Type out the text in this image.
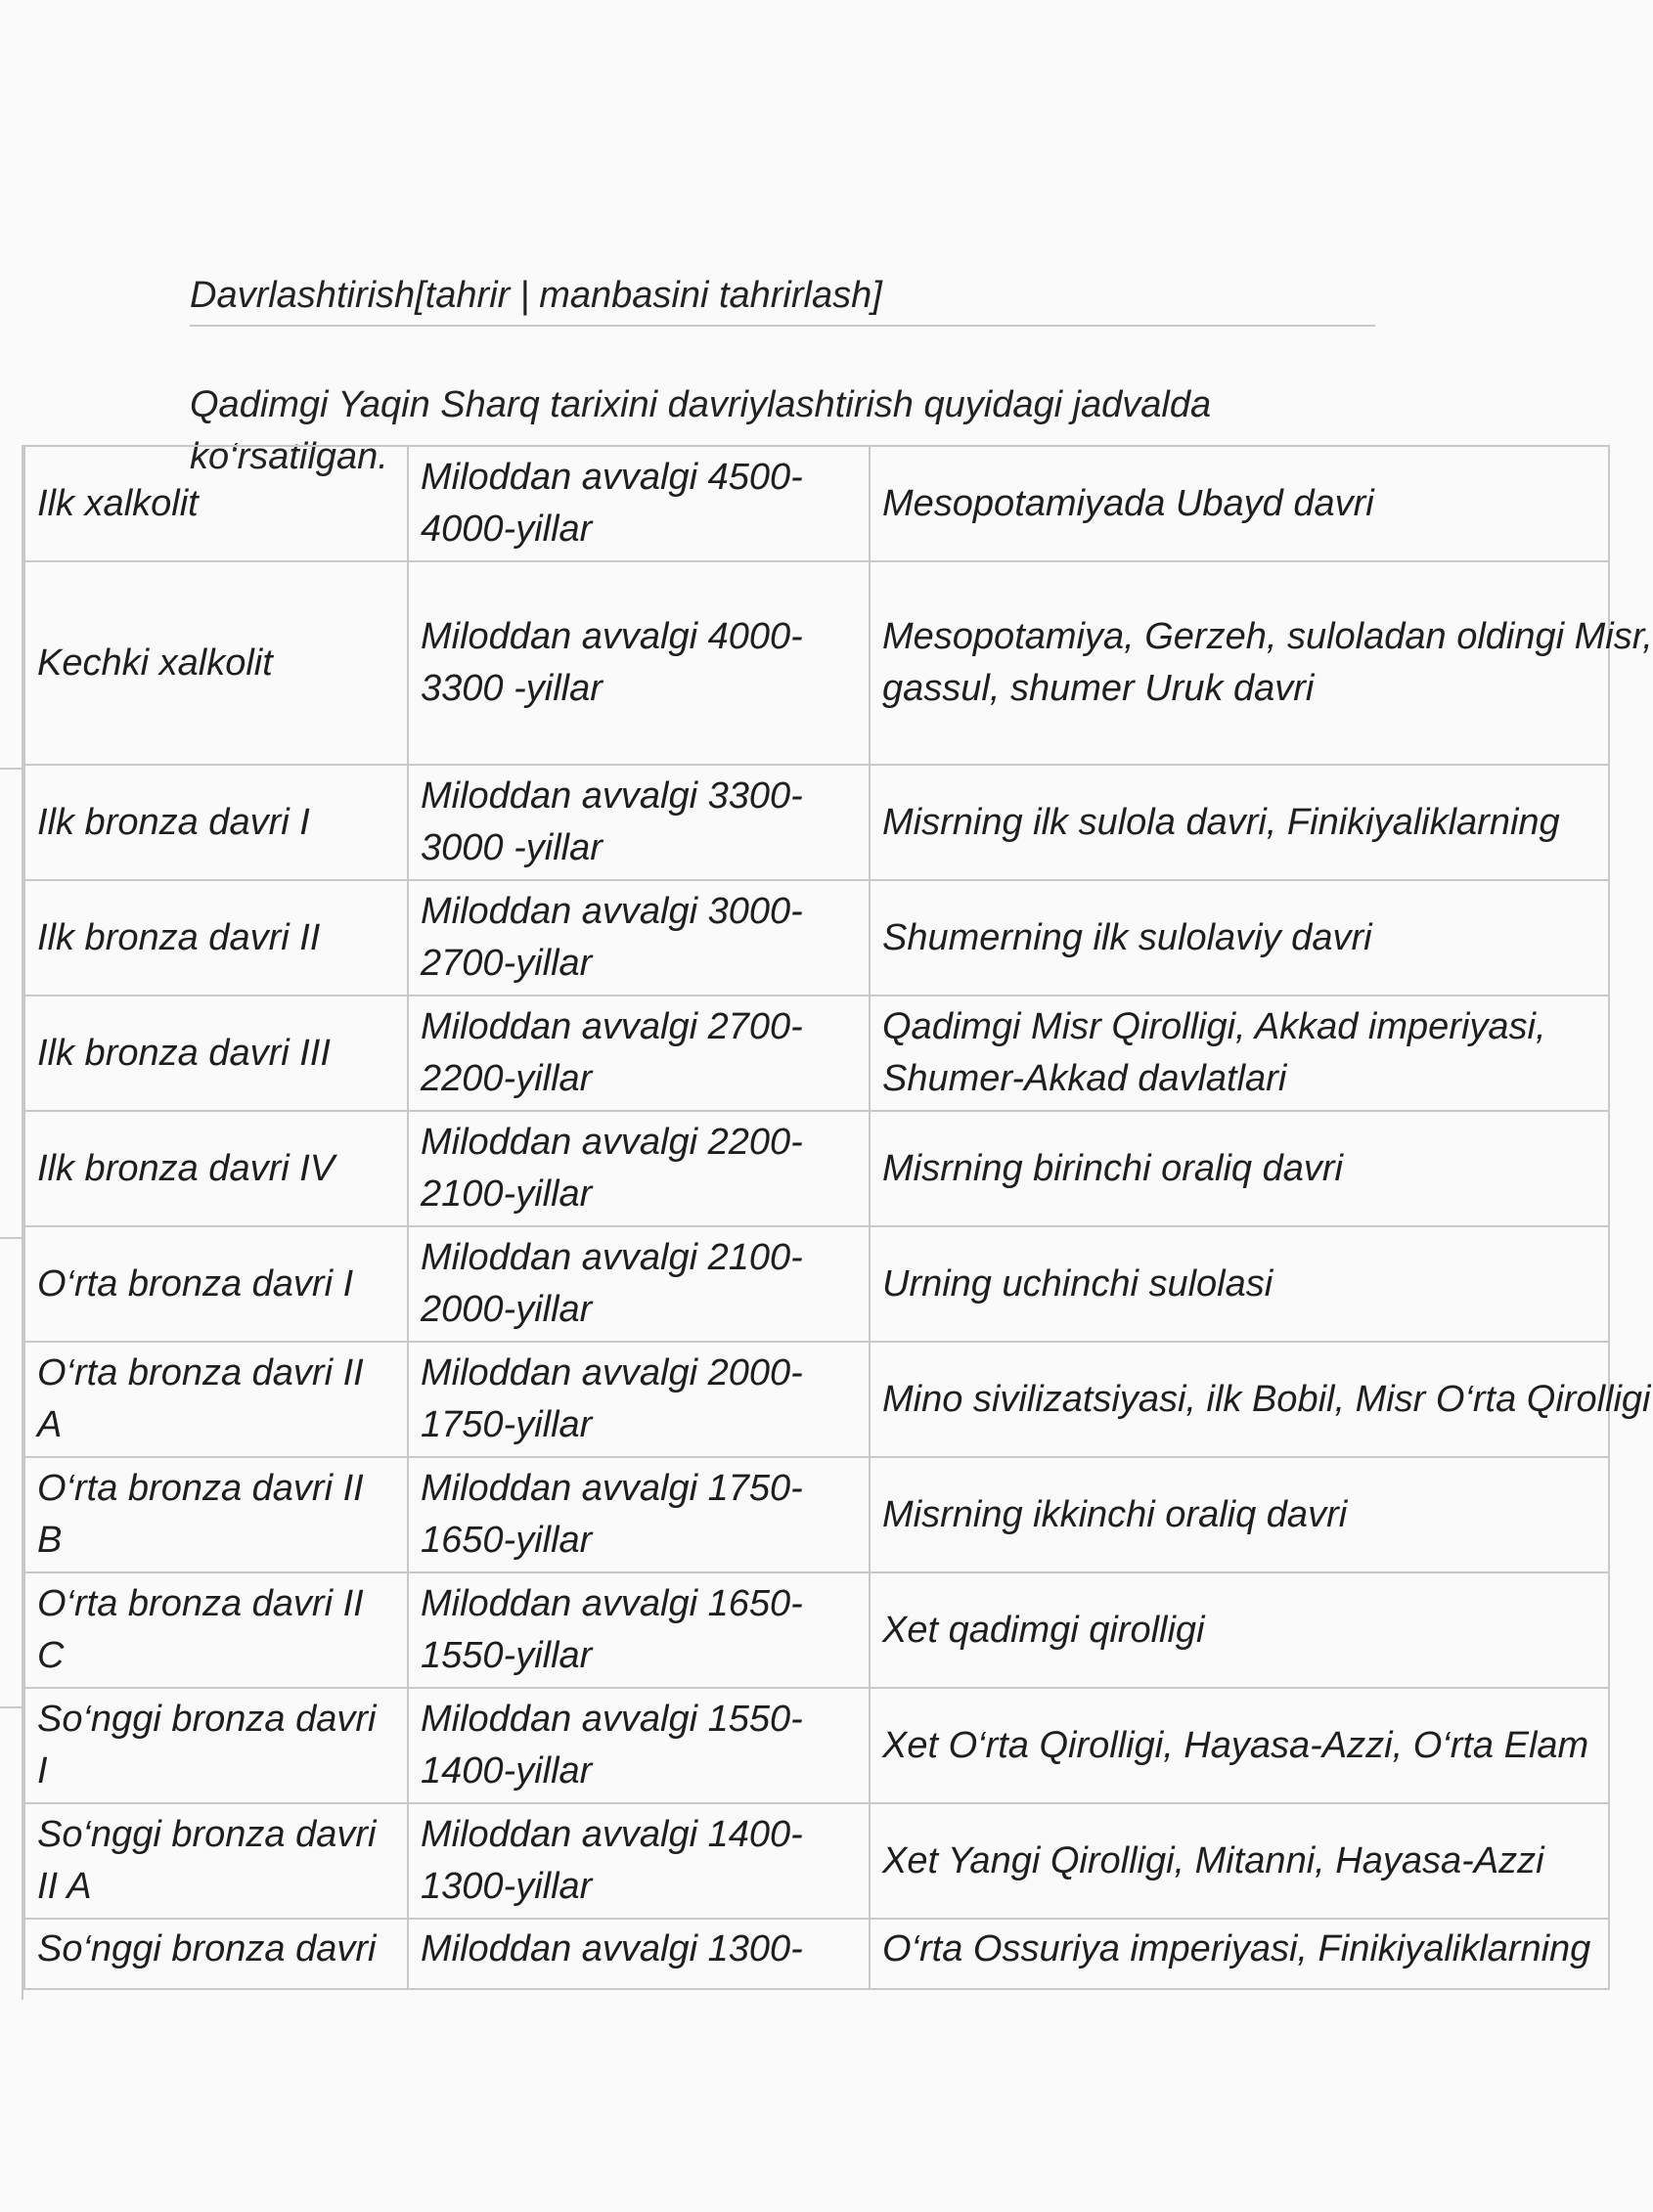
Davrlashtirish[tahrir | manbasini tahrirlash]

Qadimgi Yaqin Sharq tarixini davriylashtirish quyidagi jadvalda ko‘rsatilgan.

Ilk xalkolit	Miloddan avvalgi 4500-4000-yillar	Mesopotamiyada Ubayd davri
Kechki xalkolit	Miloddan avvalgi 4000-3300 -yillar	Mesopotamiya, Gerzeh, suloladan oldingi Misr,
gassul, shumer Uruk davri

Ilk bronza davri I	Miloddan avvalgi 3300-3000 -yillar	Misrning ilk sulola davri, Finikiyaliklarning
Ilk bronza davri II	Miloddan avvalgi 3000-2700-yillar	Shumerning ilk sulolaviy davri
Ilk bronza davri III	Miloddan avvalgi 2700-2200-yillar	Qadimgi Misr Qirolligi, Akkad imperiyasi,
Shumer-Akkad davlatlari

Ilk bronza davri IV	Miloddan avvalgi 2200-2100-yillar	Misrning birinchi oraliq davri
O‘rta bronza davri I	Miloddan avvalgi 2100-2000-yillar	Urning uchinchi sulolasi
O‘rta bronza davri II A	Miloddan avvalgi 2000-1750-yillar	Mino sivilizatsiyasi, ilk Bobil, Misr O‘rta Qirolligi
O‘rta bronza davri II B	Miloddan avvalgi 1750-1650-yillar	Misrning ikkinchi oraliq davri
O‘rta bronza davri II C	Miloddan avvalgi 1650-1550-yillar	Xet qadimgi qirolligi
So‘nggi bronza davri I	Miloddan avvalgi 1550-1400-yillar	Xet O‘rta Qirolligi, Hayasa-Azzi, O‘rta Elam
So‘nggi bronza davri II A	Miloddan avvalgi 1400-1300-yillar	Xet Yangi Qirolligi, Mitanni, Hayasa-Azzi
So‘nggi bronza davri	Miloddan avvalgi 1300-	O‘rta Ossuriya imperiyasi, Finikiyaliklarning
